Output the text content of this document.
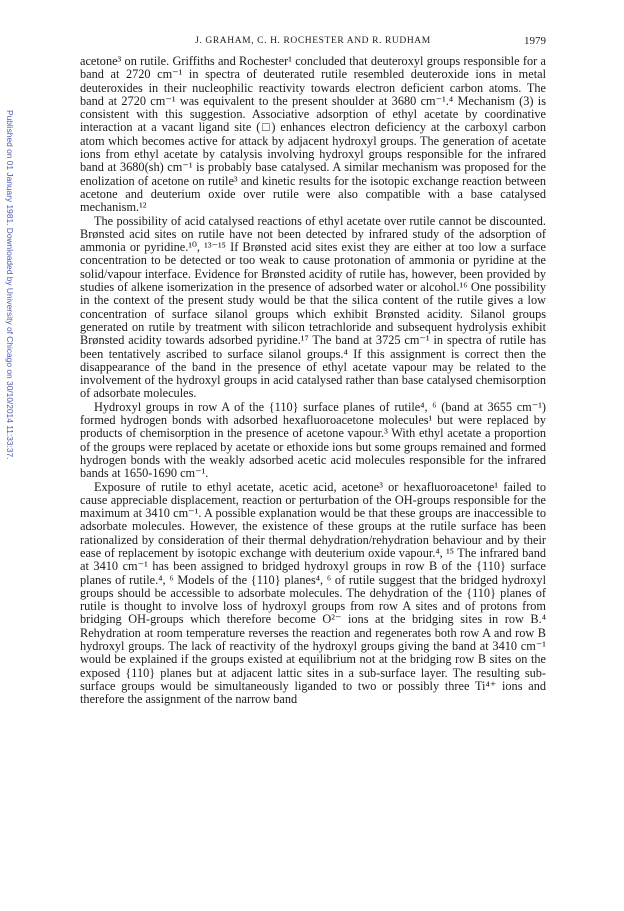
J. GRAHAM, C. H. ROCHESTER AND R. RUDHAM	1979
Published on 01 January 1981. Downloaded by University of Chicago on 30/10/2014 11:33:37.

acetone³ on rutile. Griffiths and Rochester¹ concluded that deuteroxyl groups responsible for a band at 2720 cm⁻¹ in spectra of deuterated rutile resembled deuteroxide ions in metal deuteroxides in their nucleophilic reactivity towards electron deficient carbon atoms. The band at 2720 cm⁻¹ was equivalent to the present shoulder at 3680 cm⁻¹.⁴ Mechanism (3) is consistent with this suggestion. Associative adsorption of ethyl acetate by coordinative interaction at a vacant ligand site (□) enhances electron deficiency at the carboxyl carbon atom which becomes active for attack by adjacent hydroxyl groups. The generation of acetate ions from ethyl acetate by catalysis involving hydroxyl groups responsible for the infrared band at 3680(sh) cm⁻¹ is probably base catalysed. A similar mechanism was proposed for the enolization of acetone on rutile³ and kinetic results for the isotopic exchange reaction between acetone and deuterium oxide over rutile were also compatible with a base catalysed mechanism.¹²

The possibility of acid catalysed reactions of ethyl acetate over rutile cannot be discounted. Brønsted acid sites on rutile have not been detected by infrared study of the adsorption of ammonia or pyridine.¹⁰, ¹³⁻¹⁵ If Brønsted acid sites exist they are either at too low a surface concentration to be detected or too weak to cause protonation of ammonia or pyridine at the solid/vapour interface. Evidence for Brønsted acidity of rutile has, however, been provided by studies of alkene isomerization in the presence of adsorbed water or alcohol.¹⁶ One possibility in the context of the present study would be that the silica content of the rutile gives a low concentration of surface silanol groups which exhibit Brønsted acidity. Silanol groups generated on rutile by treatment with silicon tetrachloride and subsequent hydrolysis exhibit Brønsted acidity towards adsorbed pyridine.¹⁷ The band at 3725 cm⁻¹ in spectra of rutile has been tentatively ascribed to surface silanol groups.⁴ If this assignment is correct then the disappearance of the band in the presence of ethyl acetate vapour may be related to the involvement of the hydroxyl groups in acid catalysed rather than base catalysed chemisorption of adsorbate molecules.

Hydroxyl groups in row A of the {110} surface planes of rutile⁴, ⁶ (band at 3655 cm⁻¹) formed hydrogen bonds with adsorbed hexafluoroacetone molecules¹ but were replaced by products of chemisorption in the presence of acetone vapour.³ With ethyl acetate a proportion of the groups were replaced by acetate or ethoxide ions but some groups remained and formed hydrogen bonds with the weakly adsorbed acetic acid molecules responsible for the infrared bands at 1650-1690 cm⁻¹.

Exposure of rutile to ethyl acetate, acetic acid, acetone³ or hexafluoroacetone¹ failed to cause appreciable displacement, reaction or perturbation of the OH-groups responsible for the maximum at 3410 cm⁻¹. A possible explanation would be that these groups are inaccessible to adsorbate molecules. However, the existence of these groups at the rutile surface has been rationalized by consideration of their thermal dehydration/rehydration behaviour and by their ease of replacement by isotopic exchange with deuterium oxide vapour.⁴, ¹⁵ The infrared band at 3410 cm⁻¹ has been assigned to bridged hydroxyl groups in row B of the {110} surface planes of rutile.⁴, ⁶ Models of the {110} planes⁴, ⁶ of rutile suggest that the bridged hydroxyl groups should be accessible to adsorbate molecules. The dehydration of the {110} planes of rutile is thought to involve loss of hydroxyl groups from row A sites and of protons from bridging OH-groups which therefore become O²⁻ ions at the bridging sites in row B.⁴ Rehydration at room temperature reverses the reaction and regenerates both row A and row B hydroxyl groups. The lack of reactivity of the hydroxyl groups giving the band at 3410 cm⁻¹ would be explained if the groups existed at equilibrium not at the bridging row B sites on the exposed {110} planes but at adjacent lattic sites in a sub-surface layer. The resulting sub-surface groups would be simultaneously liganded to two or possibly three Ti⁴⁺ ions and therefore the assignment of the narrow band
